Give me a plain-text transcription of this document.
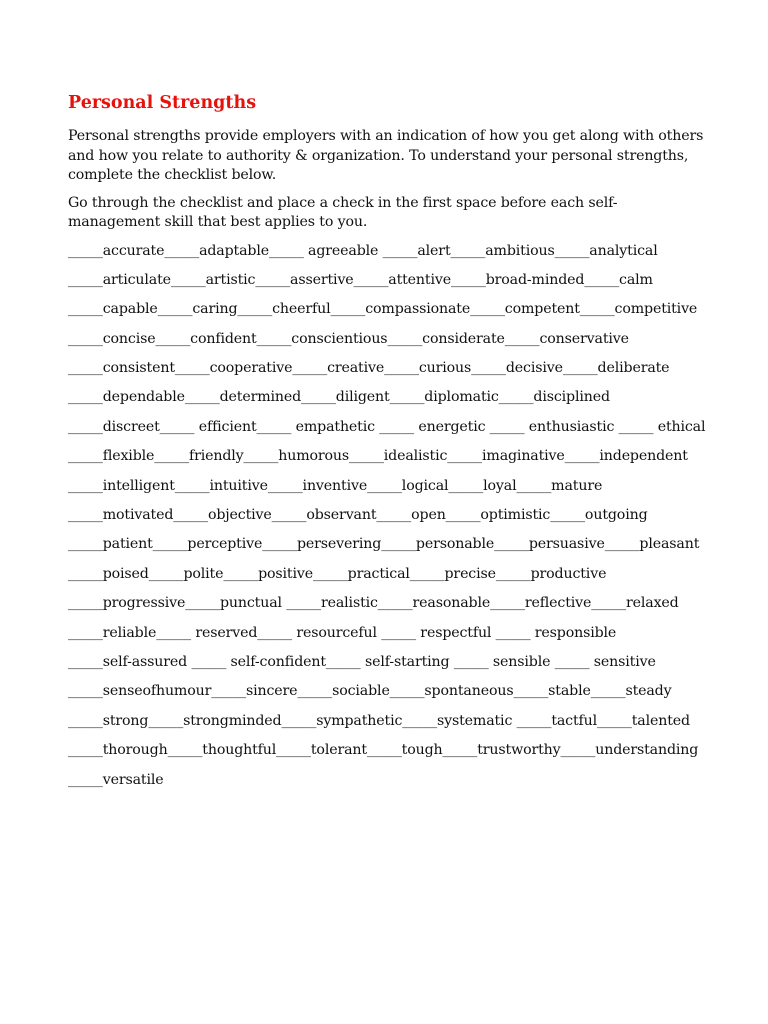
Personal Strengths

Personal strengths provide employers with an indication of how you get along with others and how you relate to authority & organization. To understand your personal strengths, complete the checklist below.

Go through the checklist and place a check in the first space before each self-management skill that best applies to you.

_____accurate_____adaptable_____ agreeable _____alert_____ambitious_____analytical
_____articulate_____artistic_____assertive_____attentive_____broad-minded_____calm
_____capable_____caring_____cheerful_____compassionate_____competent_____competitive
_____concise_____confident_____conscientious_____considerate_____conservative
_____consistent_____cooperative_____creative_____curious_____decisive_____deliberate
_____dependable_____determined_____diligent_____diplomatic_____disciplined
_____discreet_____ efficient_____ empathetic _____ energetic _____ enthusiastic _____ ethical
_____flexible_____friendly_____humorous_____idealistic_____imaginative_____independent
_____intelligent_____intuitive_____inventive_____logical_____loyal_____mature
_____motivated_____objective_____observant_____open_____optimistic_____outgoing
_____patient_____perceptive_____persevering_____personable_____persuasive_____pleasant
_____poised_____polite_____positive_____practical_____precise_____productive
_____progressive_____punctual _____realistic_____reasonable_____reflective_____relaxed
_____reliable_____ reserved_____ resourceful _____ respectful _____ responsible
_____self-assured _____ self-confident_____ self-starting _____ sensible _____ sensitive
_____senseofhumour_____sincere_____sociable_____spontaneous_____stable_____steady
_____strong_____strongminded_____sympathetic_____systematic _____tactful_____talented
_____thorough_____thoughtful_____tolerant_____tough_____trustworthy_____understanding
_____versatile
